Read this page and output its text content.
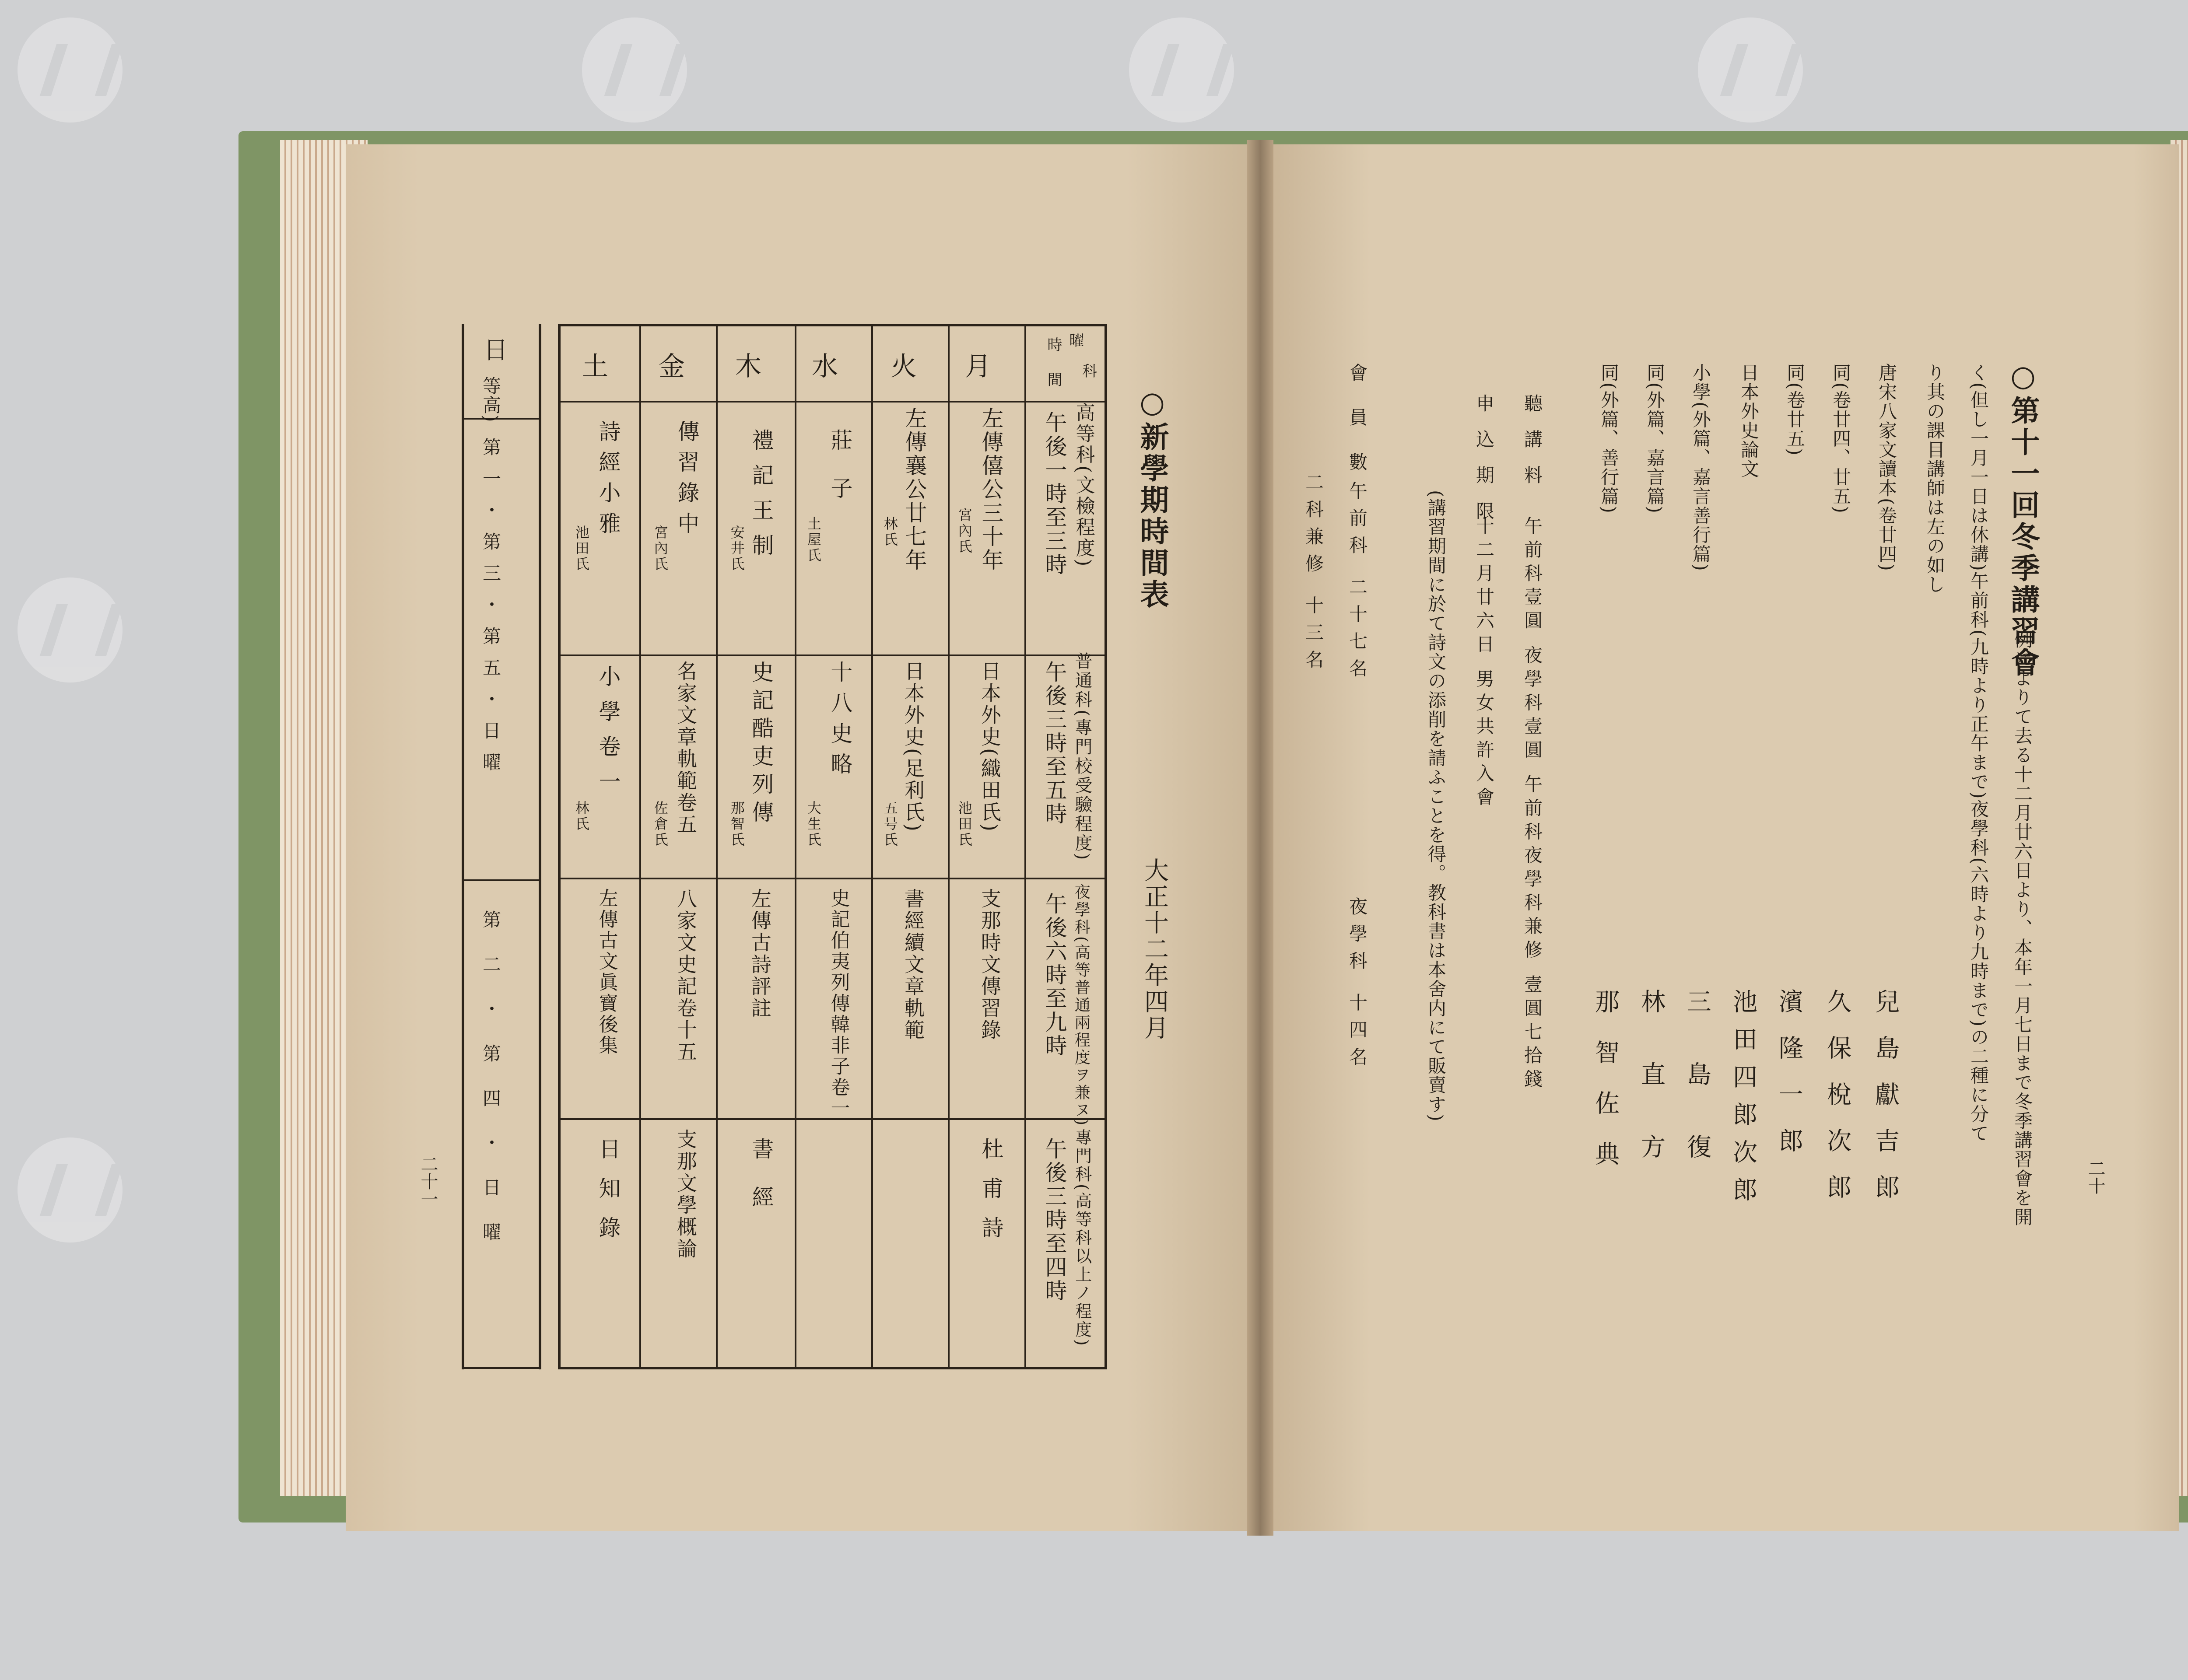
○新學期時間表
大正十二年四月
二十一
日
等高)
第一・第三・第五・日曜
第二・第四・日曜
月
火
水
木
金
土
曜
時
科
間
午後一時至三時 高等科(文檢程度)
午後三時至五時 普通科(專門校受驗程度)
午後六時至九時 夜學科(高等普通兩程度ヲ兼ヌ)
午後三時至四時 專門科(高等科以上ノ程度)
左傳僖公三十年
左傳襄公廿七年
莊子
禮記王制
傳習錄中
詩經小雅	宮內氏
林氏
土屋氏
安井氏
宮內氏
池田氏
日本外史(織田氏)
日本外史(足利氏)
十八史略
史記酷吏列傳
名家文章軌範卷五
小學卷一
池田氏
五号氏
大生氏
那智氏
佐倉氏
林氏
支那時文傳習錄
書經續文章軌範
史記伯夷列傳韓非子卷一
左傳古詩評註
八家文史記卷十五
左傳古文眞寶後集
杜甫詩
書經
支那文學概論
日知錄	二十
○第十一回冬季講習會
例によりて去る十二月廿六日より、本年一月七日まで冬季講習會を開
く(但し一月一日は休講)午前科(九時より正午まで)夜學科(六時より九時まで)の二種に分て
り其の課目講師は左の如し
唐宋八家文讀本(卷廿四)
兒島獻吉郎
同(卷廿四、廿五)
久保梲次郎
同(卷廿五)
濱隆一郎
日本外史論文
池田四郎次郎
小學(外篇、嘉言善行篇)
三島復
同(外篇、嘉言篇)
林直方
同(外篇、善行篇)
那智佐典
聽講料
午前科壹圓 夜學科壹圓 午前科夜學科兼修 壹圓七拾錢
申込期限
十二月廿六日 男女共許入會
(講習期間に於て詩文の添削を請ふことを得。教科書は本舍内にて販賣す)
會員數
午前科 二十七名
夜學科 十四名
二科兼修 十三名
